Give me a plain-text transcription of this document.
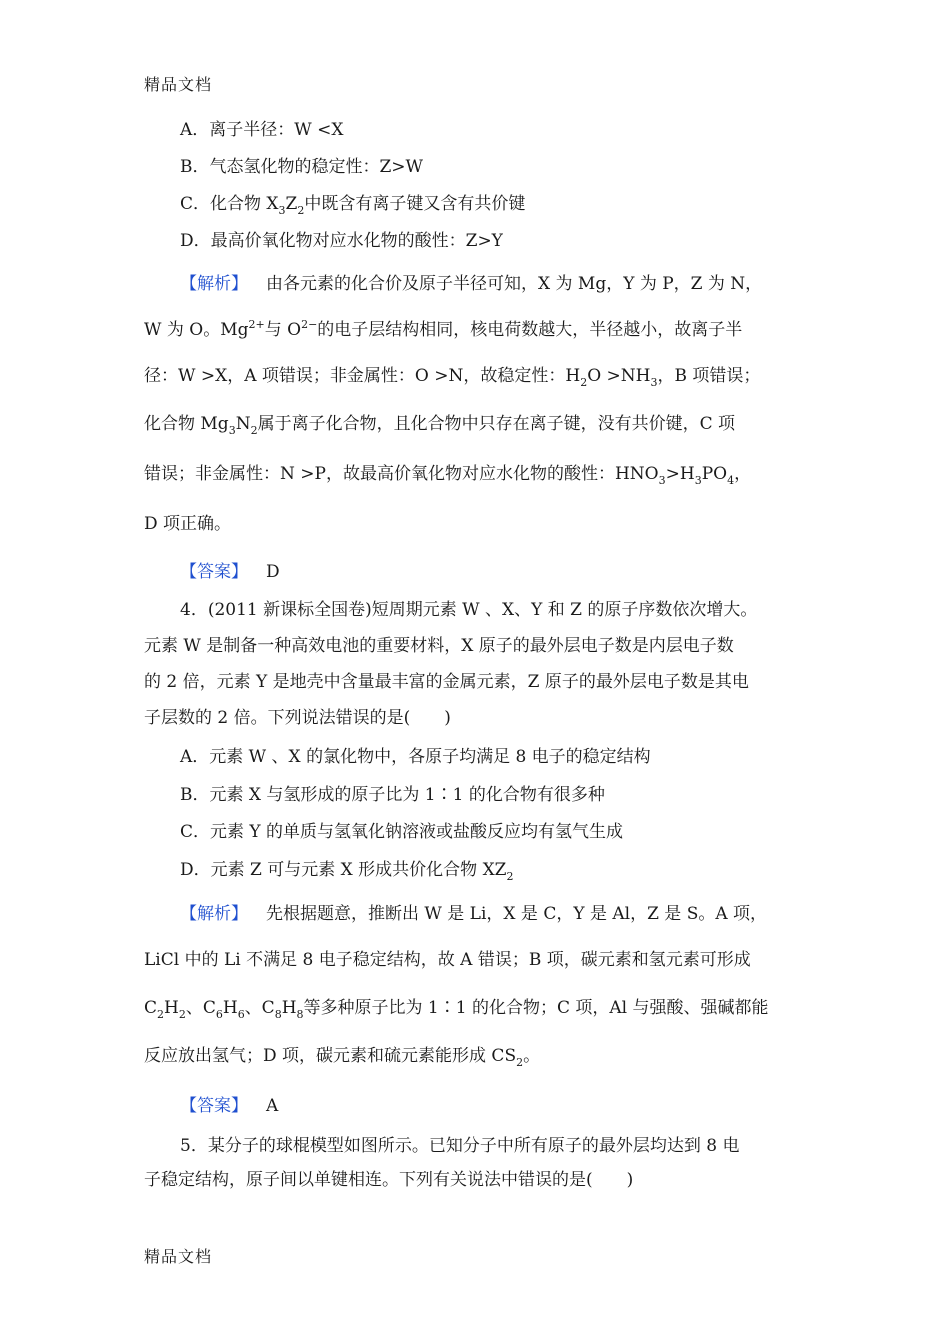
精品文档
A．离子半径：W <X
B．气态氢化物的稳定性：Z>W
C．化合物 $X_3Z_2$中既含有离子键又含有共价键
D．最高价氧化物对应水化物的酸性：Z>Y
【解析】 由各元素的化合价及原子半径可知，X 为 Mg，Y 为 P，Z 为 N，
W 为 O。$Mg^{2+}$与 $O^{2-}$的电子层结构相同，核电荷数越大，半径越小，故离子半
径：W >X，A 项错误；非金属性：O >N，故稳定性：$H_2O >NH_3$，B 项错误；
化合物 $Mg_3N_2$属于离子化合物，且化合物中只存在离子键，没有共价键，C 项
错误；非金属性：N >P，故最高价氧化物对应水化物的酸性：$HNO_3>H_3PO_4$，
D 项正确。
【答案】 D
4．(2011 新课标全国卷)短周期元素 W 、X、Y 和 Z 的原子序数依次增大。
元素 W 是制备一种高效电池的重要材料，X 原子的最外层电子数是内层电子数
的 2 倍，元素 Y 是地壳中含量最丰富的金属元素，Z 原子的最外层电子数是其电
子层数的 2 倍。下列说法错误的是(　　)
A．元素 W 、X 的氯化物中，各原子均满足 8 电子的稳定结构
B．元素 X 与氢形成的原子比为 1∶1 的化合物有很多种
C．元素 Y 的单质与氢氧化钠溶液或盐酸反应均有氢气生成
D．元素 Z 可与元素 X 形成共价化合物 $XZ_2$
【解析】 先根据题意，推断出 W 是 Li，X 是 C，Y 是 Al，Z 是 S。A 项，
LiCl 中的 Li 不满足 8 电子稳定结构，故 A 错误；B 项，碳元素和氢元素可形成
$C_2H_2$、$C_6H_6$、$C_8H_8$等多种原子比为 1∶1 的化合物；C 项，Al 与强酸、强碱都能
反应放出氢气；D 项，碳元素和硫元素能形成 $CS_2$。
【答案】 A
5．某分子的球棍模型如图所示。已知分子中所有原子的最外层均达到 8 电
子稳定结构，原子间以单键相连。下列有关说法中错误的是(　　)
精品文档
